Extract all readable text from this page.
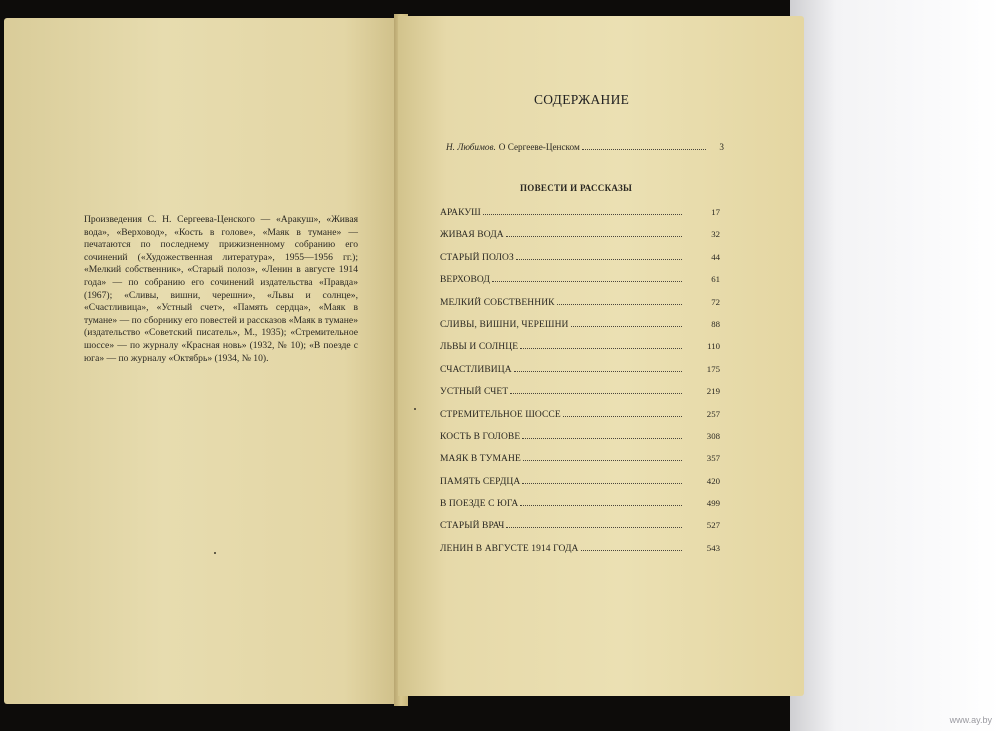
Произведения С. Н. Сергеева-Ценского — «Аракуш», «Живая вода», «Верховод», «Кость в голове», «Маяк в тумане» — печатаются по последнему прижизненному собранию его сочинений («Художественная литература», 1955—1956 гг.); «Мелкий собственник», «Старый полоз», «Ленин в августе 1914 года» — по собранию его сочинений издательства «Правда» (1967); «Сливы, вишни, черешни», «Львы и солнце», «Счастливица», «Устный счет», «Память сердца», «Маяк в тумане» — по сборнику его повестей и рассказов «Маяк в тумане» (издательство «Советский писатель», М., 1935); «Стремительное шоссе» — по журналу «Красная новь» (1932, № 10); «В поезде с юга» — по журналу «Октябрь» (1934, № 10).
СОДЕРЖАНИЕ
Н. Любимов. О Сергееве-Ценском	3
ПОВЕСТИ И РАССКАЗЫ
АРАКУШ	17
ЖИВАЯ ВОДА	32
СТАРЫЙ ПОЛОЗ	44
ВЕРХОВОД	61
МЕЛКИЙ СОБСТВЕННИК	72
СЛИВЫ, ВИШНИ, ЧЕРЕШНИ	88
ЛЬВЫ И СОЛНЦЕ	110
СЧАСТЛИВИЦА	175
УСТНЫЙ СЧЕТ	219
СТРЕМИТЕЛЬНОЕ ШОССЕ	257
КОСТЬ В ГОЛОВЕ	308
МАЯК В ТУМАНЕ	357
ПАМЯТЬ СЕРДЦА	420
В ПОЕЗДЕ С ЮГА	499
СТАРЫЙ ВРАЧ	527
ЛЕНИН В АВГУСТЕ 1914 ГОДА	543
www.ay.by
